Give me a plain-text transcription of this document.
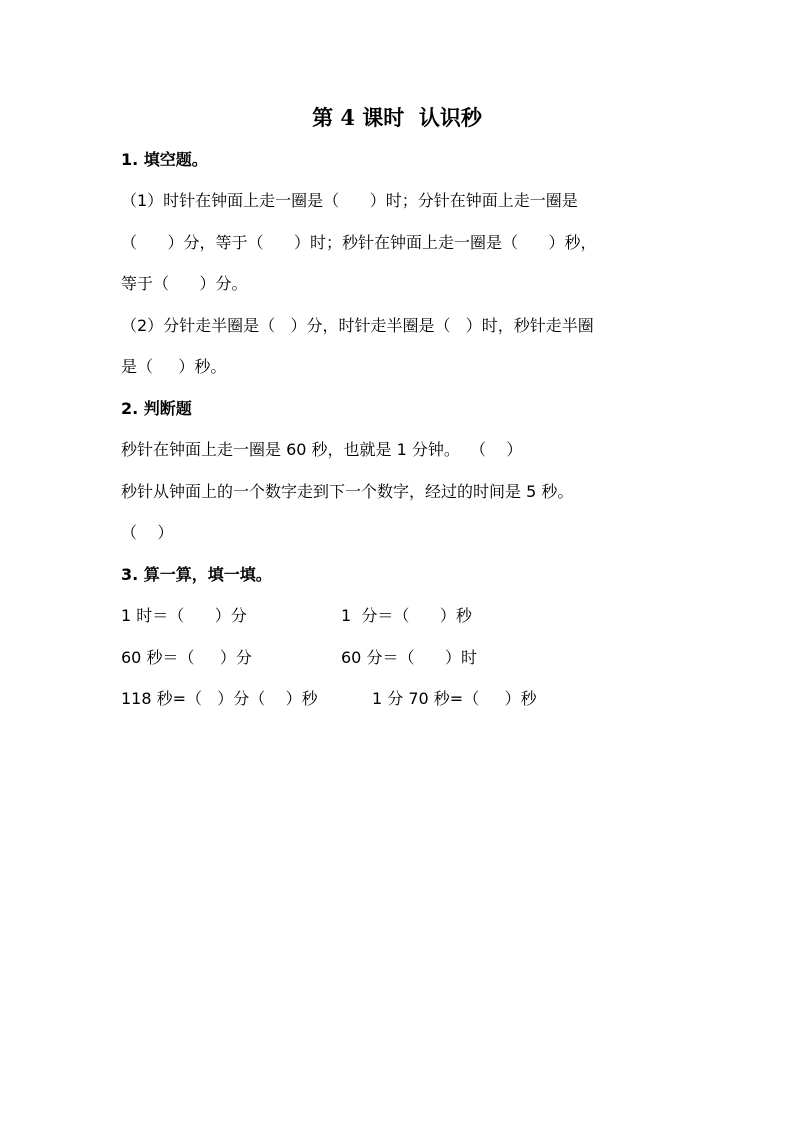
第 4 课时  认识秒
1. 填空题。
（1）时针在钟面上走一圈是（      ）时；分针在钟面上走一圈是
（      ）分，等于（      ）时；秒针在钟面上走一圈是（      ）秒，
等于（      ）分。
（2）分针走半圈是（   ）分，时针走半圈是（   ）时，秒针走半圈
是（     ）秒。
2. 判断题
秒针在钟面上走一圈是 60 秒，也就是 1 分钟。  （    ）
秒针从钟面上的一个数字走到下一个数字，经过的时间是 5 秒。
（    ）
3. 算一算，填一填。
1 时＝（      ）分	1  分＝（      ）秒
60 秒＝（     ）分	60 分＝（      ）时
118 秒=（   ）分（    ）秒	1 分 70 秒=（     ）秒
